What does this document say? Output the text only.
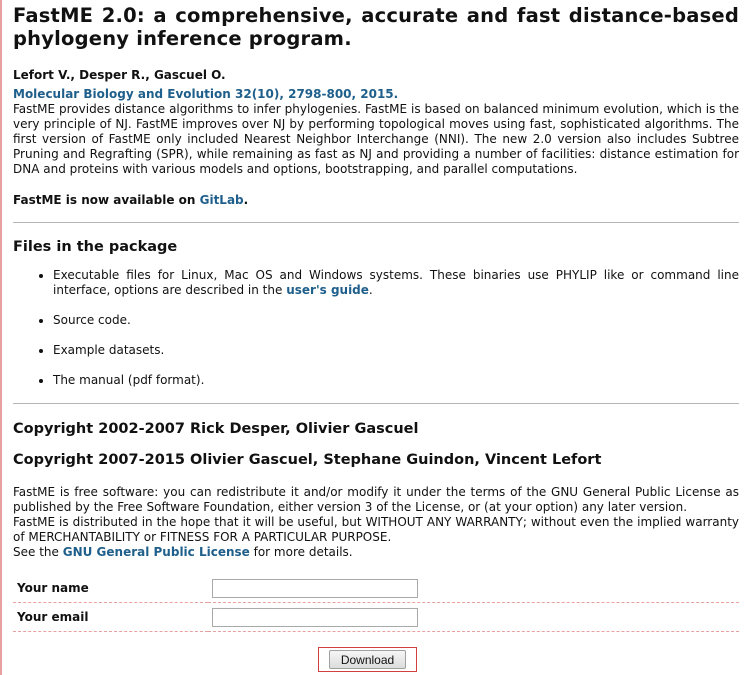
FastME 2.0: a comprehensive, accurate and fast distance-based phylogeny inference program.
Lefort V., Desper R., Gascuel O.
Molecular Biology and Evolution 32(10), 2798-800, 2015.

FastME provides distance algorithms to infer phylogenies. FastME is based on balanced minimum evolution, which is the very principle of NJ. FastME improves over NJ by performing topological moves using fast, sophisticated algorithms. The first version of FastME only included Nearest Neighbor Interchange (NNI). The new 2.0 version also includes Subtree Pruning and Regrafting (SPR), while remaining as fast as NJ and providing a number of facilities: distance estimation for DNA and proteins with various models and options, bootstrapping, and parallel computations.

FastME is now available on GitLab.
Files in the package
• Executable files for Linux, Mac OS and Windows systems. These binaries use PHYLIP like or command line interface, options are described in the user's guide.
• Source code.
• Example datasets.
• The manual (pdf format).
Copyright 2002-2007 Rick Desper, Olivier Gascuel
Copyright 2007-2015 Olivier Gascuel, Stephane Guindon, Vincent Lefort

FastME is free software: you can redistribute it and/or modify it under the terms of the GNU General Public License as published by the Free Software Foundation, either version 3 of the License, or (at your option) any later version.

FastME is distributed in the hope that it will be useful, but WITHOUT ANY WARRANTY; without even the implied warranty of MERCHANTABILITY or FITNESS FOR A PARTICULAR PURPOSE.

See the GNU General Public License for more details.

Your name	
Your email	
Download
